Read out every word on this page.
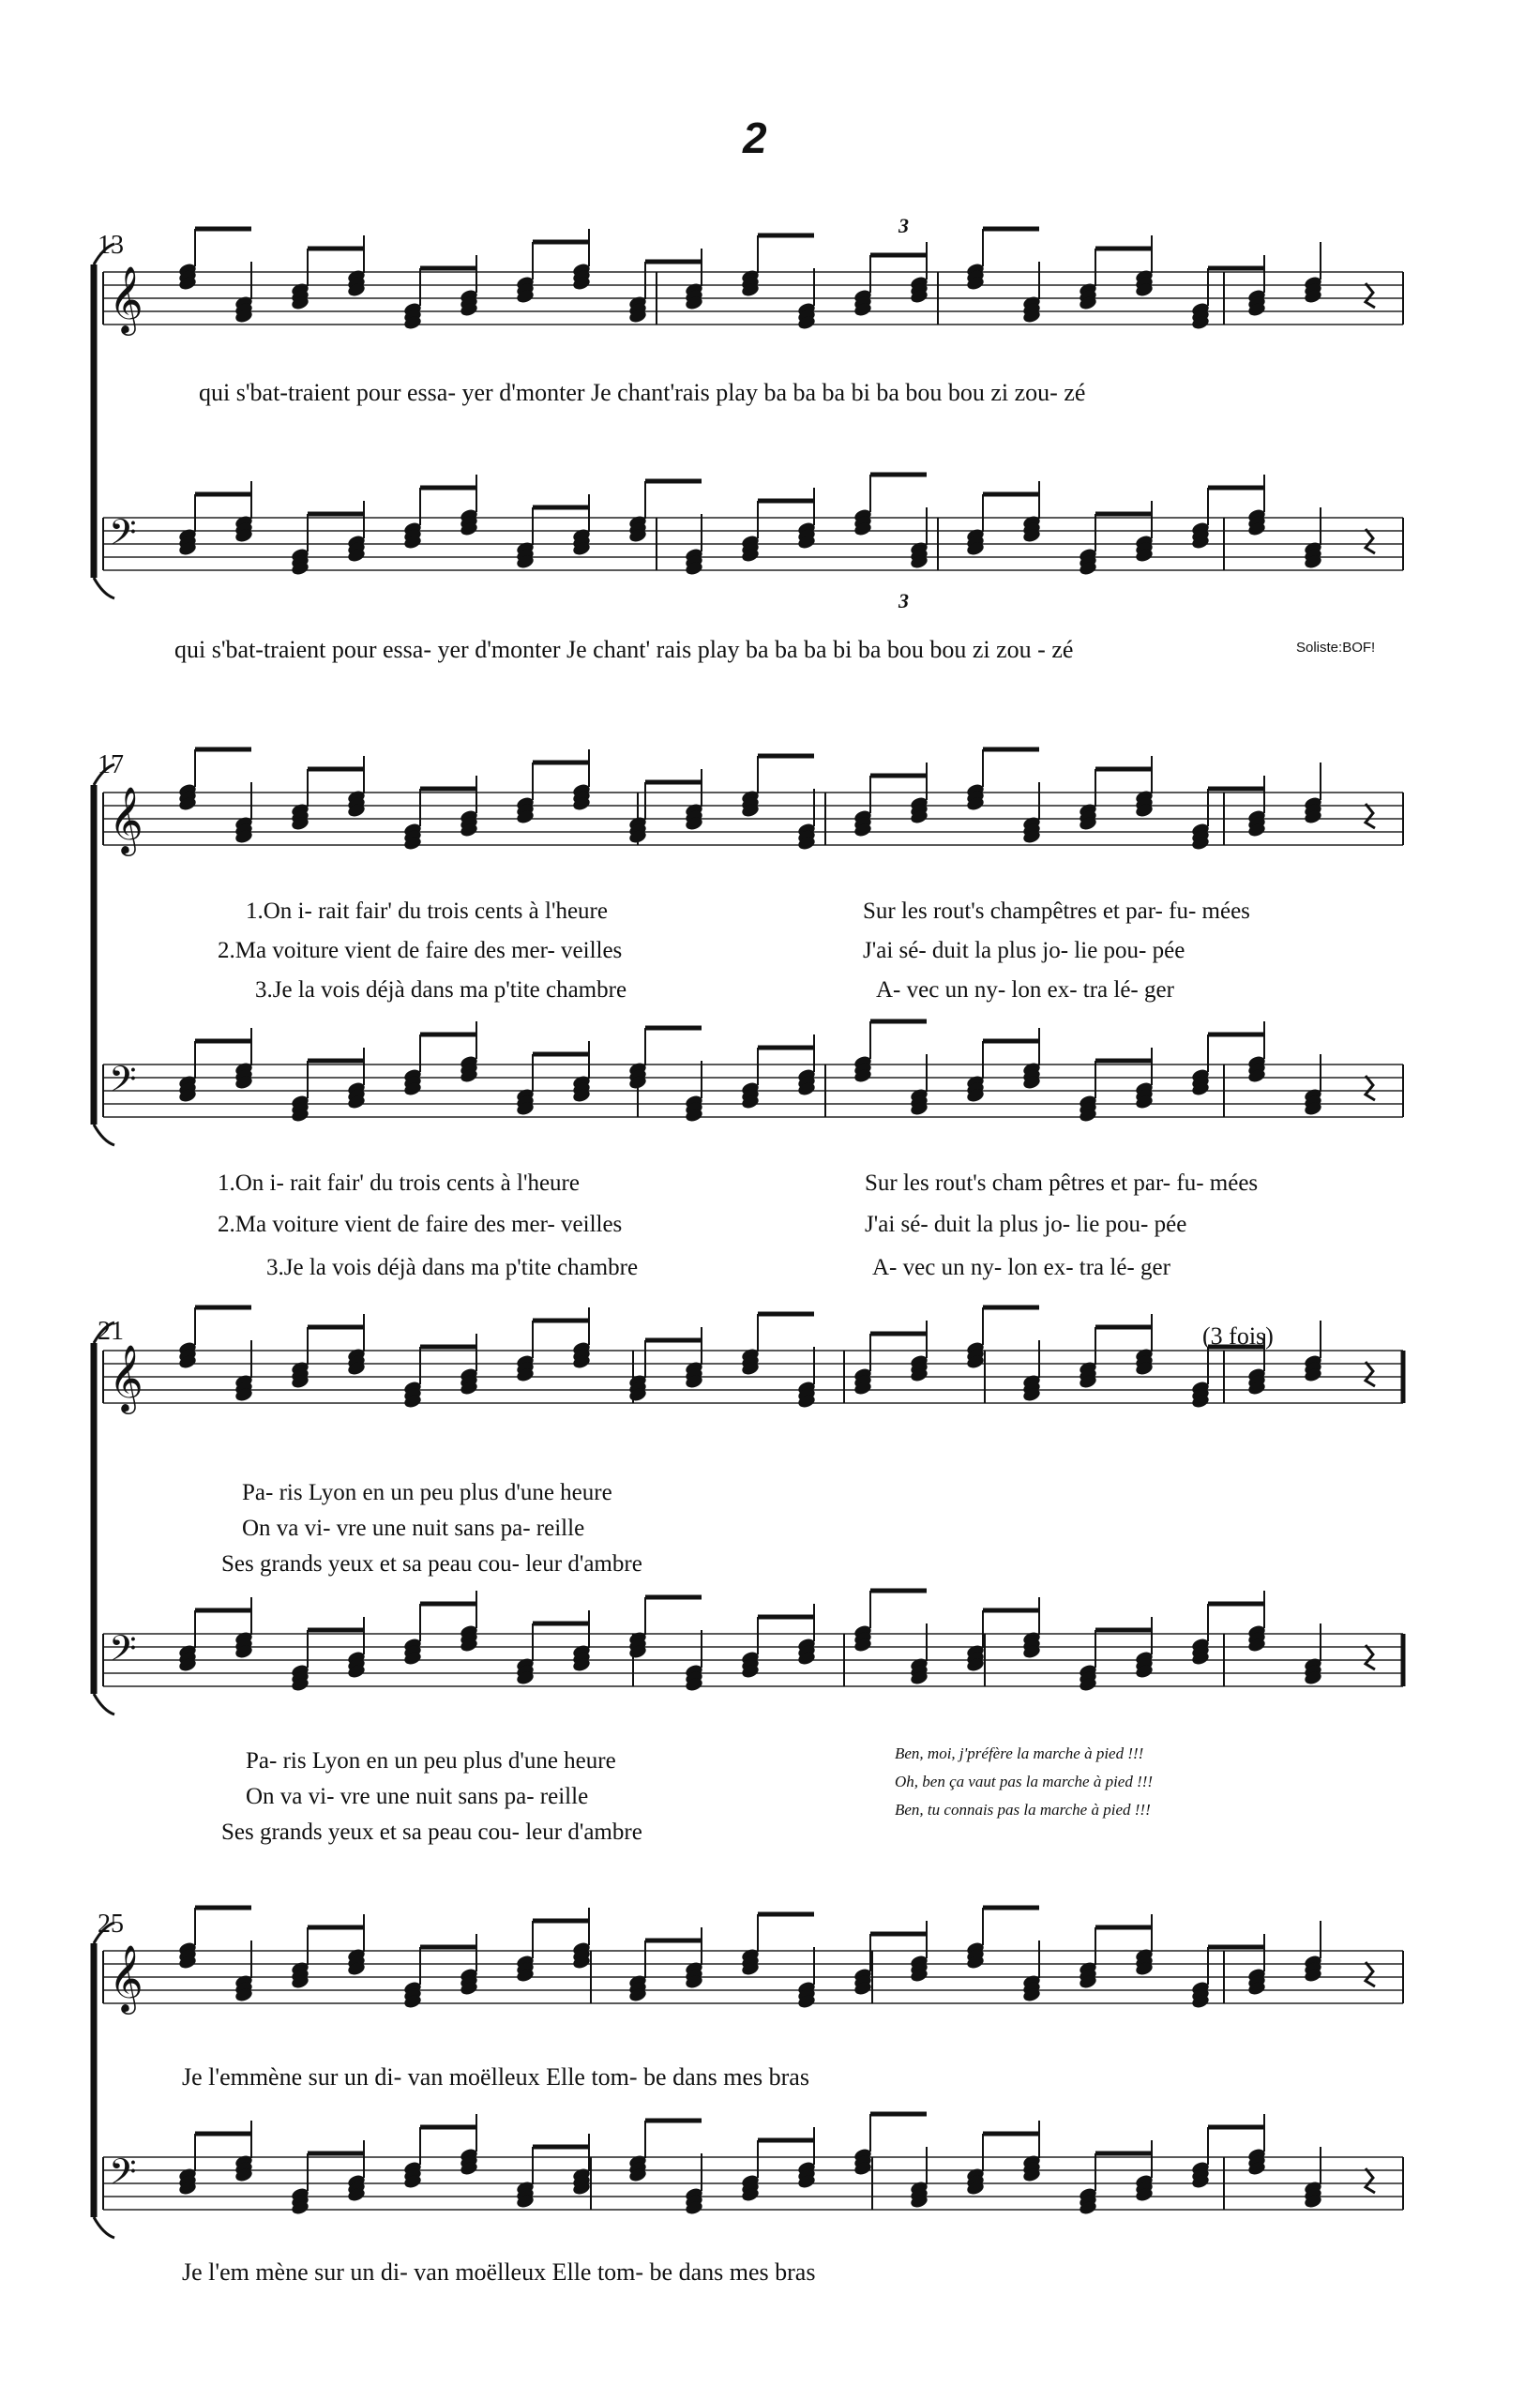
𝄞
𝄢
𝄞
𝄢
𝄞
𝄢
𝄞
𝄢
2
13
3
qui s'bat-traient pour essa- yer d'monter Je chant'rais play ba ba ba bi ba bou bou zi zou- zé
3
qui s'bat-traient pour essa- yer d'monter Je chant' rais play ba ba ba bi ba bou bou zi zou - zé	Soliste:BOF!
17
1.On i- rait fair' du trois cents à l'heure
2.Ma voiture vient de faire des mer- veilles
3.Je la vois déjà dans ma p'tite chambre
Sur les rout's champêtres et par- fu- mées
J'ai sé- duit la plus jo- lie pou- pée
A- vec un ny- lon ex- tra lé- ger
1.On i- rait fair' du trois cents à l'heure
2.Ma voiture vient de faire des mer- veilles
3.Je la vois déjà dans ma p'tite chambre
Sur les rout's cham pêtres et par- fu- mées
J'ai sé- duit la plus jo- lie pou- pée
A- vec un ny- lon ex- tra lé- ger
21	(3 fois)
Pa- ris Lyon en un peu plus d'une heure
On va vi- vre une nuit sans pa- reille
Ses grands yeux et sa peau cou- leur d'ambre
Pa- ris Lyon en un peu plus d'une heure
On va vi- vre une nuit sans pa- reille
Ses grands yeux et sa peau cou- leur d'ambre
Ben, moi, j'préfère la marche à pied !!!
Oh, ben ça vaut pas la marche à pied !!!
Ben, tu connais pas la marche à pied !!!
25
Je l'emmène sur un di- van moëlleux Elle tom- be dans mes bras
Je l'em mène sur un di- van moëlleux Elle tom- be dans mes bras
